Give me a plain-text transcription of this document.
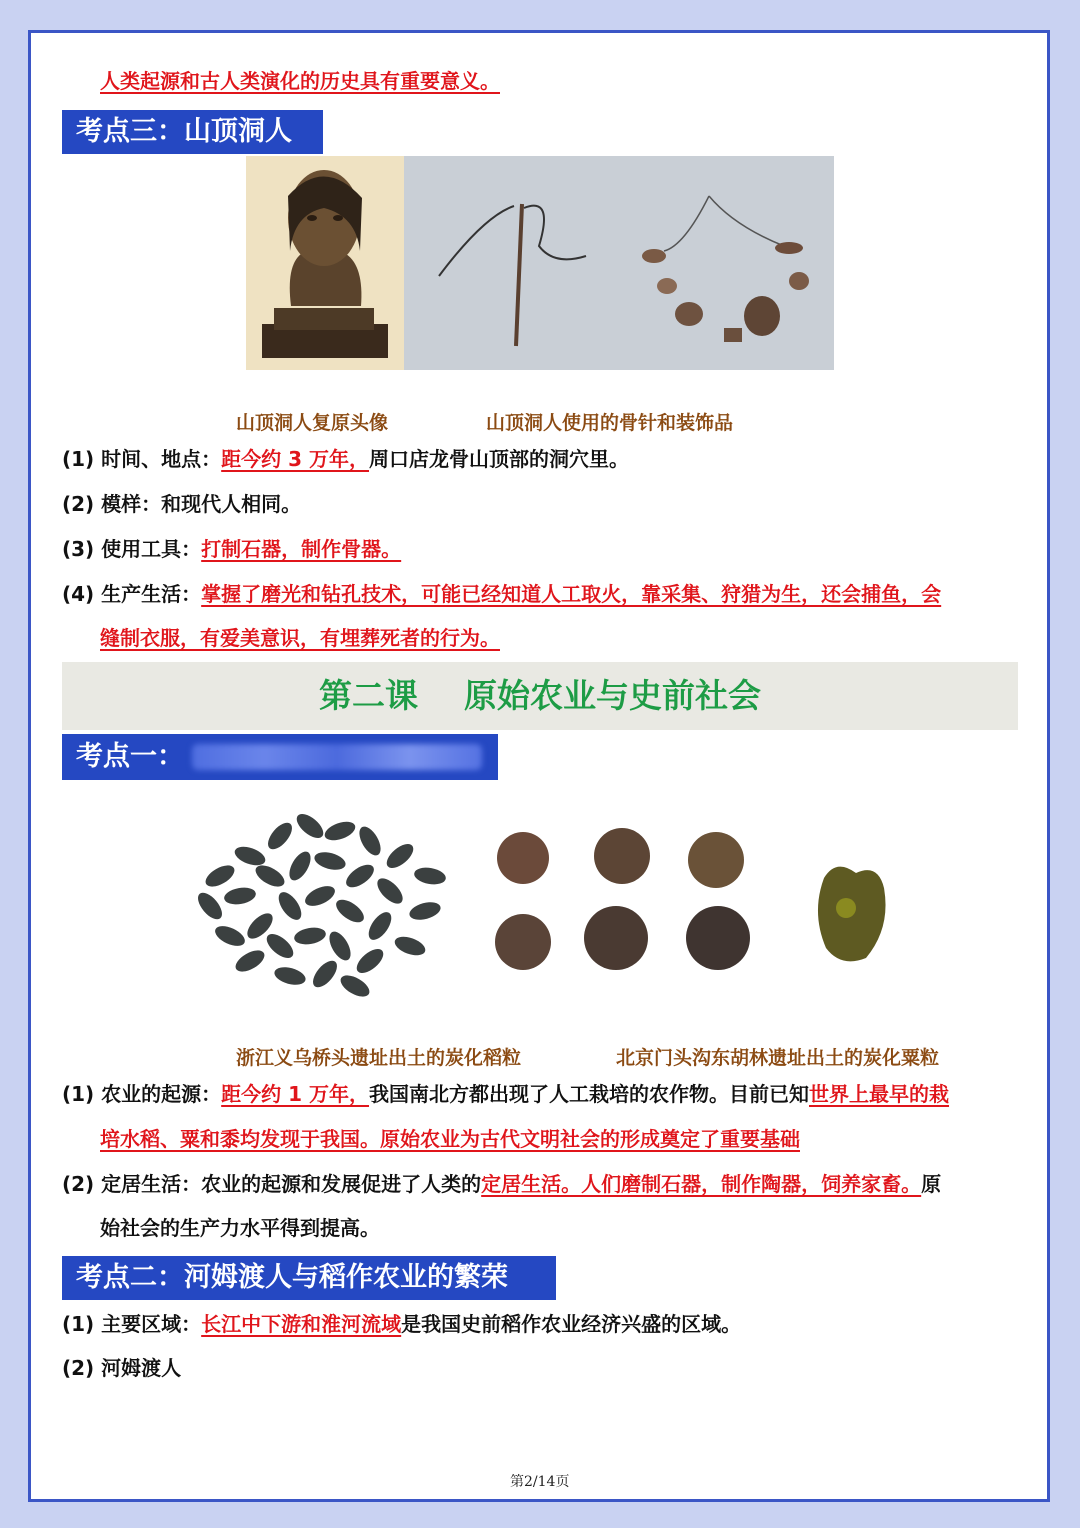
人类起源和古人类演化的历史具有重要意义。
考点三：山顶洞人
山顶洞人复原头像	山顶洞人使用的骨针和装饰品
(1) 时间、地点：距今约 3 万年，周口店龙骨山顶部的洞穴里。
(2) 模样：和现代人相同。
(3) 使用工具：打制石器，制作骨器。
(4) 生产生活：掌握了磨光和钻孔技术，可能已经知道人工取火，靠采集、狩猎为生，还会捕鱼，会
缝制衣服，有爱美意识，有埋葬死者的行为。
第二课    原始农业与史前社会
考点一：
浙江义乌桥头遗址出土的炭化稻粒	北京门头沟东胡林遗址出土的炭化粟粒
(1) 农业的起源：距今约 1 万年，我国南北方都出现了人工栽培的农作物。目前已知世界上最早的栽
培水稻、粟和黍均发现于我国。原始农业为古代文明社会的形成奠定了重要基础
(2) 定居生活：农业的起源和发展促进了人类的定居生活。人们磨制石器，制作陶器，饲养家畜。原
始社会的生产力水平得到提高。
考点二：河姆渡人与稻作农业的繁荣
(1) 主要区域：长江中下游和淮河流域是我国史前稻作农业经济兴盛的区域。
(2) 河姆渡人
第2/14页
